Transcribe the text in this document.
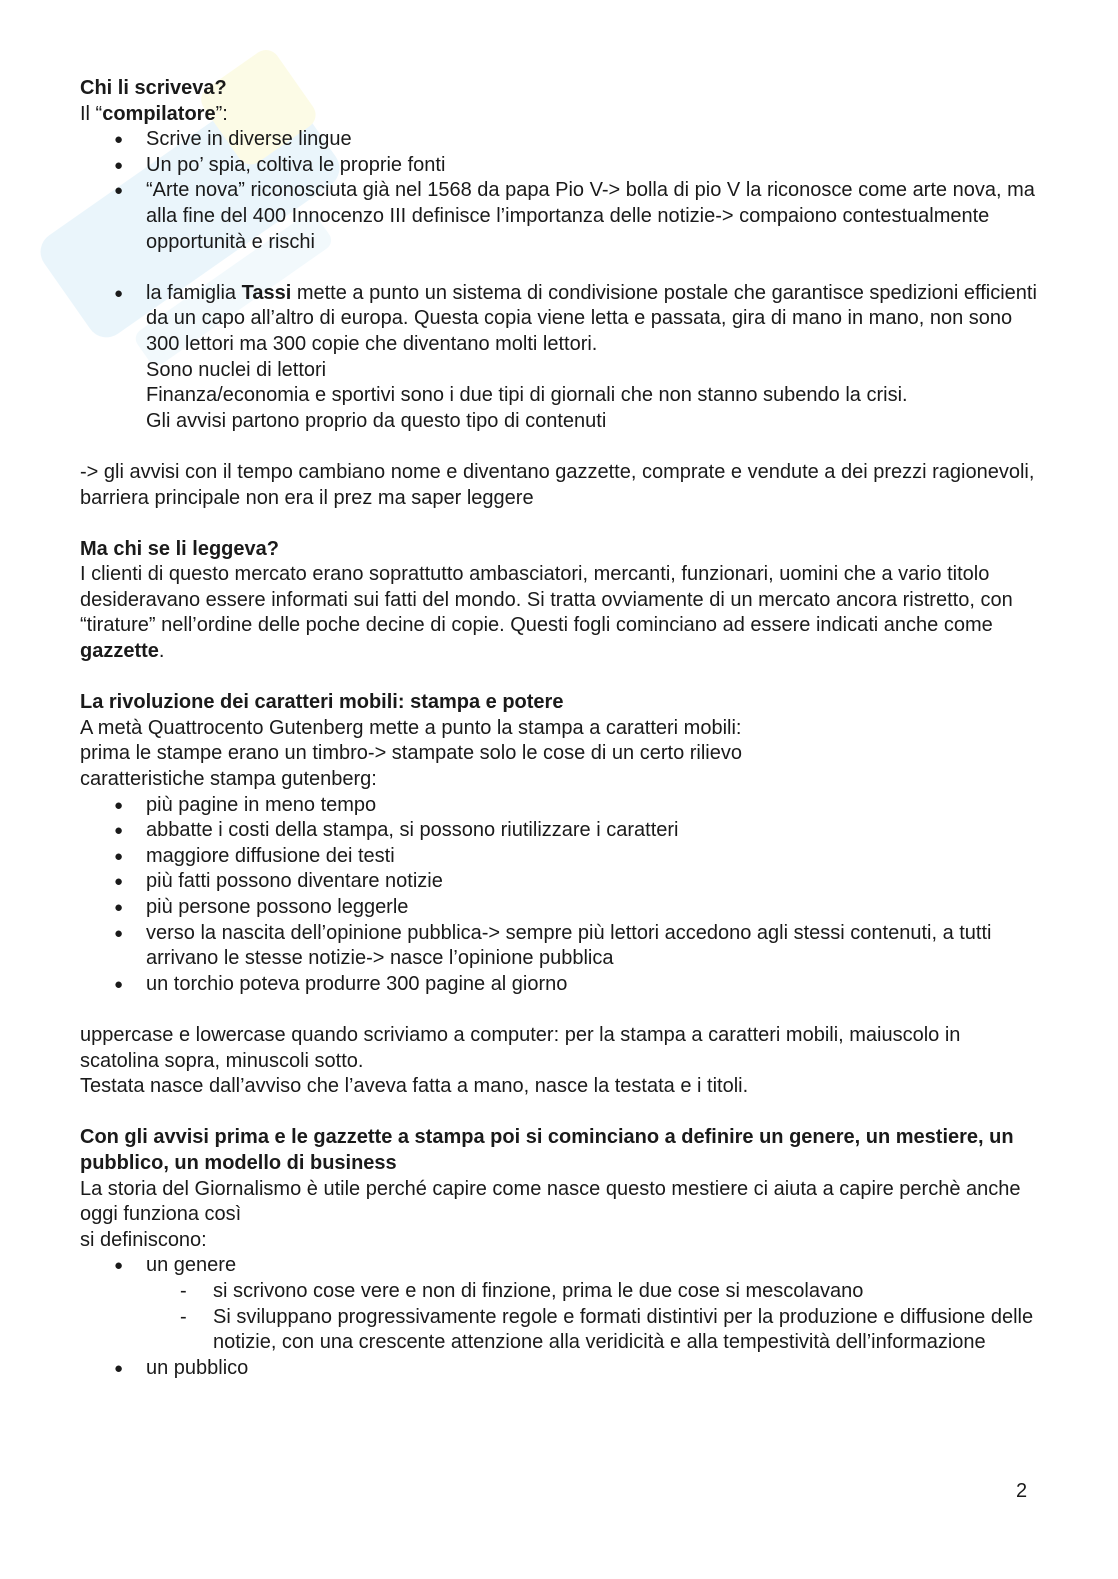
Chi li scriveva?

Il “compilatore”:

● Scrive in diverse lingue
● Un po’ spia, coltiva le proprie fonti
● “Arte nova” riconosciuta già nel 1568 da papa Pio V-> bolla di pio V la riconosce come arte nova, ma alla fine del 400 Innocenzo III definisce l’importanza delle notizie-> compaiono contestualmente opportunità e rischi
● la famiglia Tassi mette a punto un sistema di condivisione postale che garantisce spedizioni efficienti da un capo all’altro di europa. Questa copia viene letta e passata, gira di mano in mano, non sono 300 lettori ma 300 copie che diventano molti lettori.
Sono nuclei di lettori
Finanza/economia e sportivi sono i due tipi di giornali che non stanno subendo la crisi.
Gli avvisi partono proprio da questo tipo di contenuti

-> gli avvisi con il tempo cambiano nome e diventano gazzette, comprate e vendute a dei prezzi ragionevoli, barriera principale non era il prez ma saper leggere

Ma chi se li leggeva?

I clienti di questo mercato erano soprattutto ambasciatori, mercanti, funzionari, uomini che a vario titolo desideravano essere informati sui fatti del mondo. Si tratta ovviamente di un mercato ancora ristretto, con “tirature” nell’ordine delle poche decine di copie. Questi fogli cominciano ad essere indicati anche come gazzette.

La rivoluzione dei caratteri mobili: stampa e potere

A metà Quattrocento Gutenberg mette a punto la stampa a caratteri mobili:

prima le stampe erano un timbro-> stampate solo le cose di un certo rilievo

caratteristiche stampa gutenberg:

● più pagine in meno tempo
● abbatte i costi della stampa, si possono riutilizzare i caratteri
● maggiore diffusione dei testi
● più fatti possono diventare notizie
● più persone possono leggerle
● verso la nascita dell’opinione pubblica-> sempre più lettori accedono agli stessi contenuti, a tutti arrivano le stesse notizie-> nasce l’opinione pubblica
● un torchio poteva produrre 300 pagine al giorno

uppercase e lowercase quando scriviamo a computer: per la stampa a caratteri mobili, maiuscolo in scatolina sopra, minuscoli sotto.

Testata nasce dall’avviso che l’aveva fatta a mano, nasce la testata e i titoli.

Con gli avvisi prima e le gazzette a stampa poi si cominciano a definire un genere, un mestiere, un pubblico, un modello di business

La storia del Giornalismo è utile perché capire come nasce questo mestiere ci aiuta a capire perchè anche oggi funziona così

si definiscono:

● un genere
- si scrivono cose vere e non di finzione, prima le due cose si mescolavano
- Si sviluppano progressivamente regole e formati distintivi per la produzione e diffusione delle notizie, con una crescente attenzione alla veridicità e alla tempestività dell’informazione
● un pubblico
2
